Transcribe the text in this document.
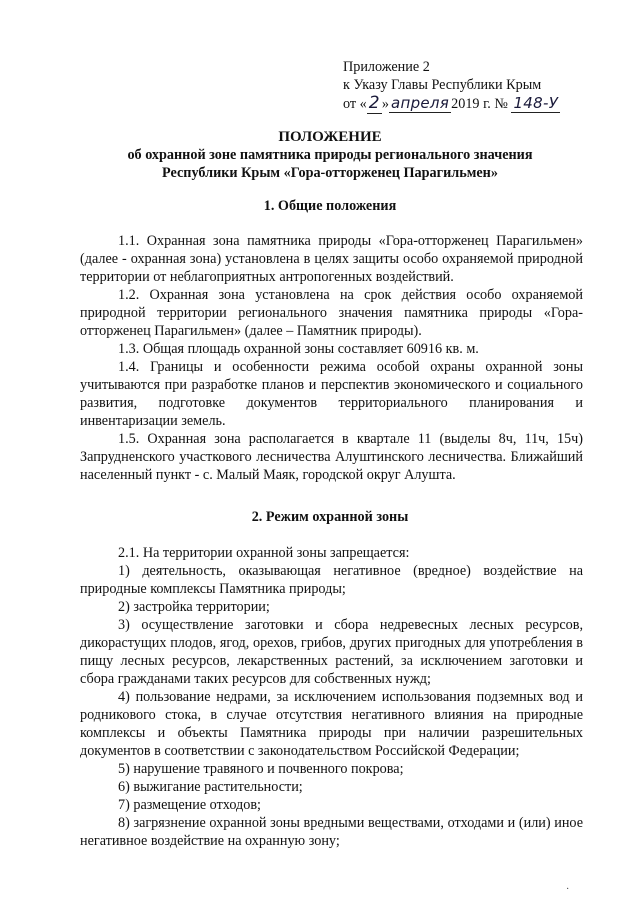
Приложение 2
к Указу Главы Республики Крым
от « 2 » апреля 2019 г. № 148-У
ПОЛОЖЕНИЕ
об охранной зоне памятника природы регионального значения
Республики Крым «Гора-отторженец Парагильмен»
1. Общие положения

1.1. Охранная зона памятника природы «Гора-отторженец Парагильмен» (далее - охранная зона) установлена в целях защиты особо охраняемой природной территории от неблагоприятных антропогенных воздействий.

1.2. Охранная зона установлена на срок действия особо охраняемой природной территории регионального значения памятника природы «Гора-отторженец Парагильмен» (далее – Памятник природы).

1.3. Общая площадь охранной зоны составляет 60916 кв. м.

1.4. Границы и особенности режима особой охраны охранной зоны учитываются при разработке планов и перспектив экономического и социального развития, подготовке документов территориального планирования и инвентаризации земель.

1.5. Охранная зона располагается в квартале 11 (выделы 8ч, 11ч, 15ч) Запрудненского участкового лесничества Алуштинского лесничества. Ближайший населенный пункт - с. Малый Маяк, городской округ Алушта.

2. Режим охранной зоны

2.1. На территории охранной зоны запрещается:

1) деятельность, оказывающая негативное (вредное) воздействие на природные комплексы Памятника природы;

2) застройка территории;

3) осуществление заготовки и сбора недревесных лесных ресурсов, дикорастущих плодов, ягод, орехов, грибов, других пригодных для употребления в пищу лесных ресурсов, лекарственных растений, за исключением заготовки и сбора гражданами таких ресурсов для собственных нужд;

4) пользование недрами, за исключением использования подземных вод и родникового стока, в случае отсутствия негативного влияния на природные комплексы и объекты Памятника природы при наличии разрешительных документов в соответствии с законодательством Российской Федерации;

5) нарушение травяного и почвенного покрова;

6) выжигание растительности;

7) размещение отходов;

8) загрязнение охранной зоны вредными веществами, отходами и (или) иное негативное воздействие на охранную зону;

·
